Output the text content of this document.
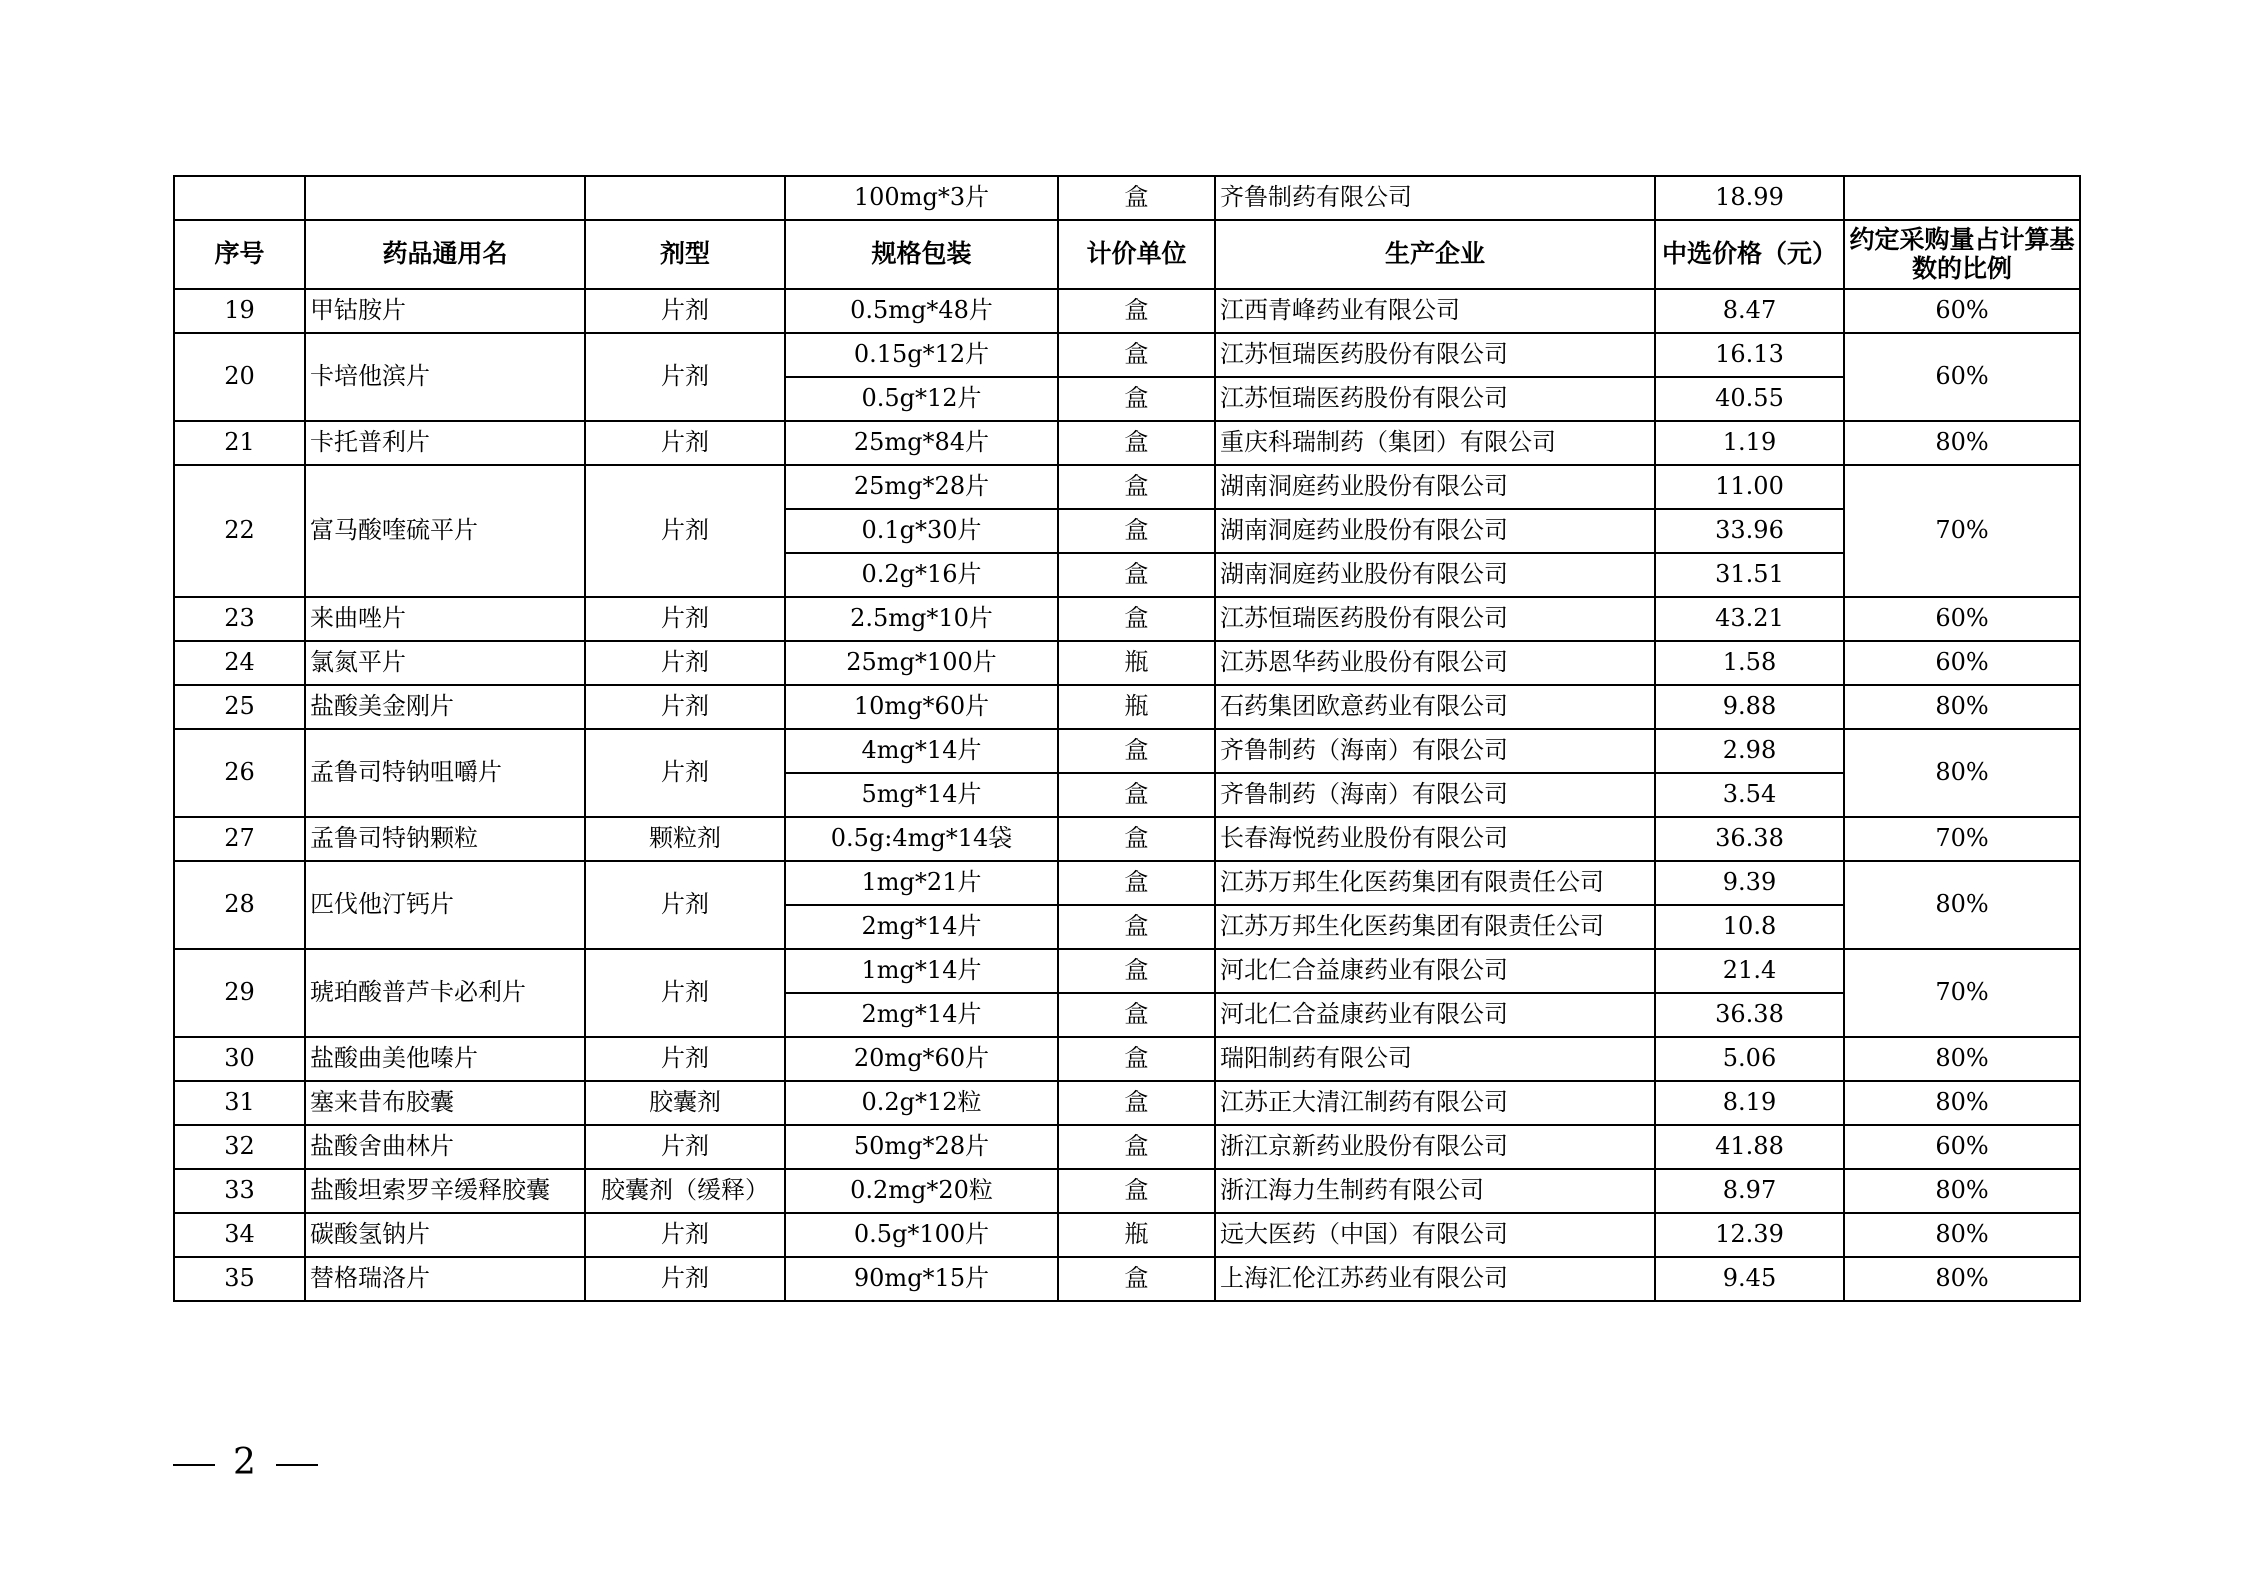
			100mg*3片	盒	齐鲁制药有限公司	18.99	
序号	药品通用名	剂型	规格包装	计价单位	生产企业	中选价格（元）	约定采购量占计算基数的比例
19	甲钴胺片	片剂	0.5mg*48片	盒	江西青峰药业有限公司	8.47	60%
20	卡培他滨片	片剂	0.15g*12片	盒	江苏恒瑞医药股份有限公司	16.13	60%
			0.5g*12片	盒	江苏恒瑞医药股份有限公司	40.55	
21	卡托普利片	片剂	25mg*84片	盒	重庆科瑞制药（集团）有限公司	1.19	80%
22	富马酸喹硫平片	片剂	25mg*28片	盒	湖南洞庭药业股份有限公司	11.00	70%
			0.1g*30片	盒	湖南洞庭药业股份有限公司	33.96	
			0.2g*16片	盒	湖南洞庭药业股份有限公司	31.51	
23	来曲唑片	片剂	2.5mg*10片	盒	江苏恒瑞医药股份有限公司	43.21	60%
24	氯氮平片	片剂	25mg*100片	瓶	江苏恩华药业股份有限公司	1.58	60%
25	盐酸美金刚片	片剂	10mg*60片	瓶	石药集团欧意药业有限公司	9.88	80%
26	孟鲁司特钠咀嚼片	片剂	4mg*14片	盒	齐鲁制药（海南）有限公司	2.98	80%
			5mg*14片	盒	齐鲁制药（海南）有限公司	3.54	
27	孟鲁司特钠颗粒	颗粒剂	0.5g:4mg*14袋	盒	长春海悦药业股份有限公司	36.38	70%
28	匹伐他汀钙片	片剂	1mg*21片	盒	江苏万邦生化医药集团有限责任公司	9.39	80%
			2mg*14片	盒	江苏万邦生化医药集团有限责任公司	10.8	
29	琥珀酸普芦卡必利片	片剂	1mg*14片	盒	河北仁合益康药业有限公司	21.4	70%
			2mg*14片	盒	河北仁合益康药业有限公司	36.38	
30	盐酸曲美他嗪片	片剂	20mg*60片	盒	瑞阳制药有限公司	5.06	80%
31	塞来昔布胶囊	胶囊剂	0.2g*12粒	盒	江苏正大清江制药有限公司	8.19	80%
32	盐酸舍曲林片	片剂	50mg*28片	盒	浙江京新药业股份有限公司	41.88	60%
33	盐酸坦索罗辛缓释胶囊	胶囊剂（缓释）	0.2mg*20粒	盒	浙江海力生制药有限公司	8.97	80%
34	碳酸氢钠片	片剂	0.5g*100片	瓶	远大医药（中国）有限公司	12.39	80%
35	替格瑞洛片	片剂	90mg*15片	盒	上海汇伦江苏药业有限公司	9.45	80%
2
